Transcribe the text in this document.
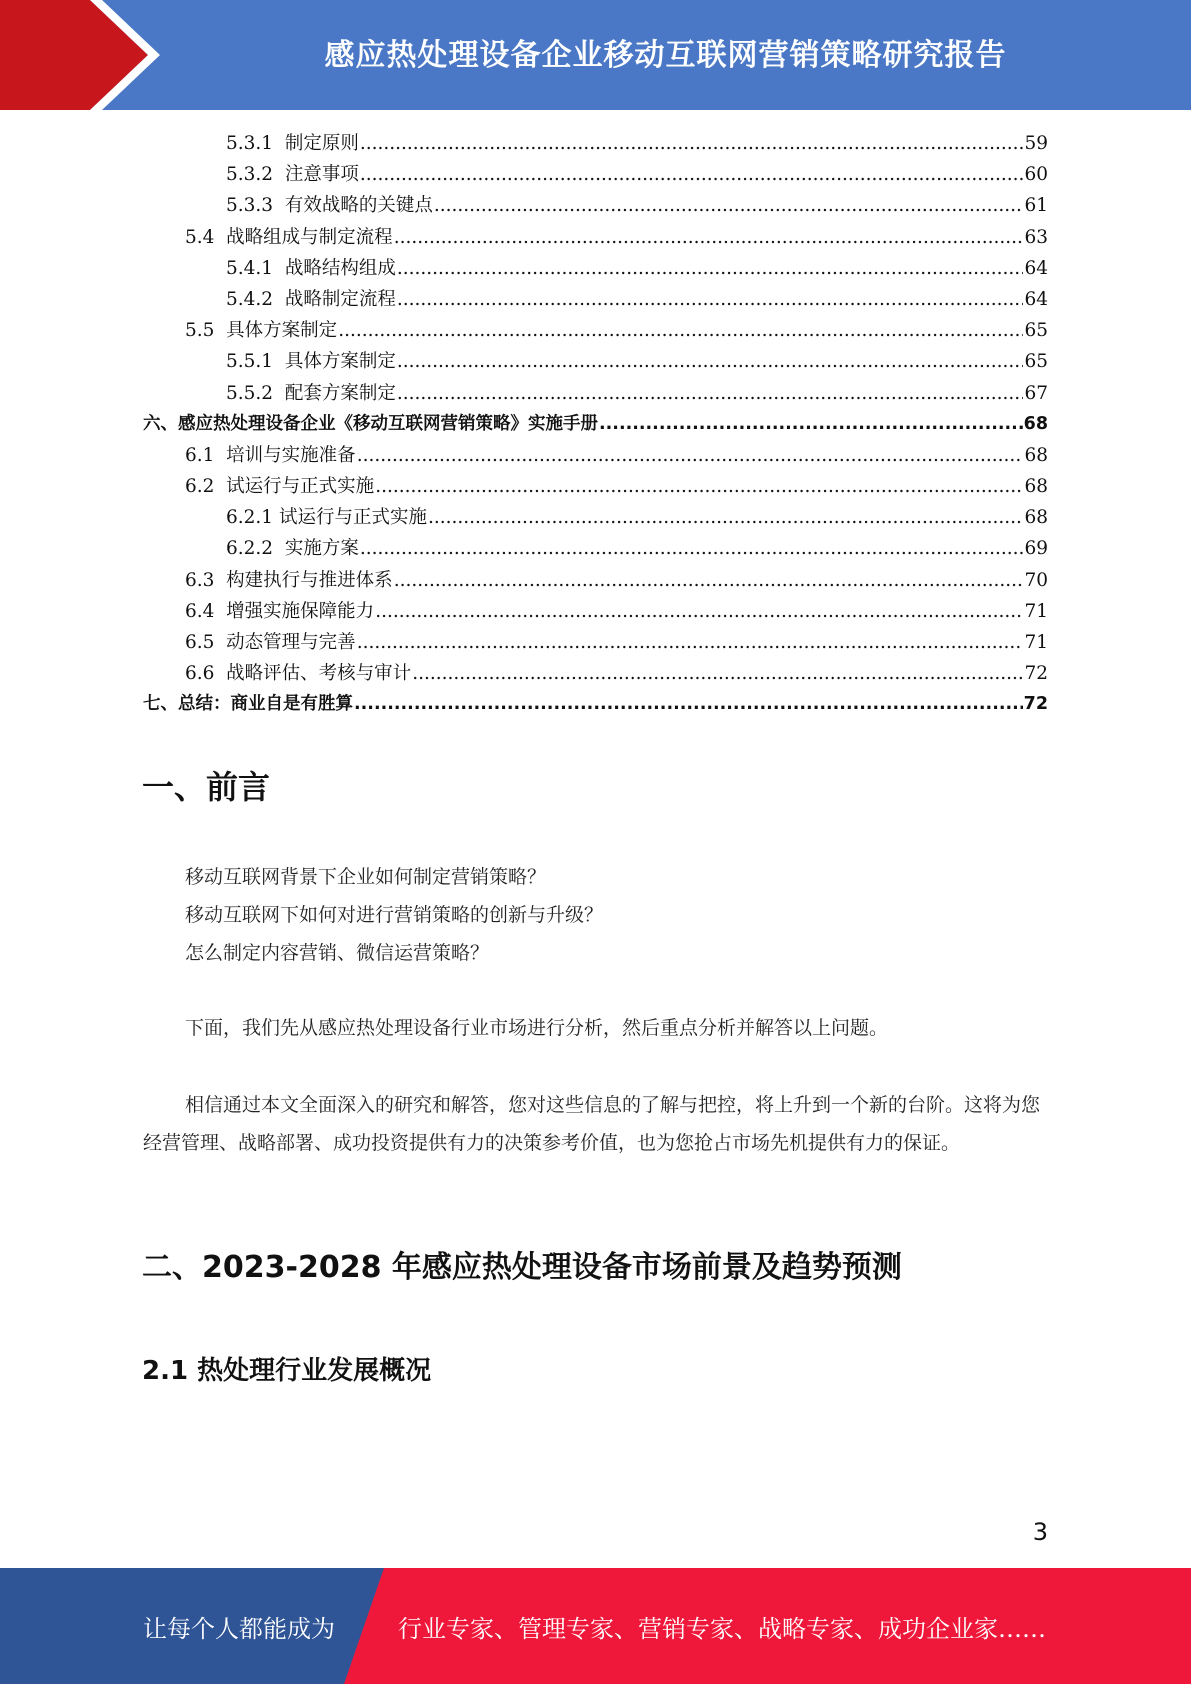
感应热处理设备企业移动互联网营销策略研究报告
5.3.1  制定原则 .....	59
5.3.2  注意事项 .....	60
5.3.3  有效战略的关键点 .....	61
5.4  战略组成与制定流程 .....	63
5.4.1  战略结构组成 .....	64
5.4.2  战略制定流程 .....	64
5.5  具体方案制定 .....	65
5.5.1  具体方案制定 .....	65
5.5.2  配套方案制定 .....	67
六、感应热处理设备企业《移动互联网营销策略》实施手册 .....	68
6.1  培训与实施准备 .....	68
6.2  试运行与正式实施 .....	68
6.2.1 试运行与正式实施 .....	68
6.2.2  实施方案 .....	69
6.3  构建执行与推进体系 .....	70
6.4  增强实施保障能力 .....	71
6.5  动态管理与完善 .....	71
6.6  战略评估、考核与审计 .....	72
七、总结：商业自是有胜算 .....	72
一、前言

移动互联网背景下企业如何制定营销策略？

移动互联网下如何对进行营销策略的创新与升级？

怎么制定内容营销、微信运营策略？

下面，我们先从感应热处理设备行业市场进行分析，然后重点分析并解答以上问题。

相信通过本文全面深入的研究和解答，您对这些信息的了解与把控，将上升到一个新的台阶。这将为您经营管理、战略部署、成功投资提供有力的决策参考价值，也为您抢占市场先机提供有力的保证。

二、2023-2028 年感应热处理设备市场前景及趋势预测
2.1 热处理行业发展概况
3
让每个人都能成为	行业专家、管理专家、营销专家、战略专家、成功企业家……
